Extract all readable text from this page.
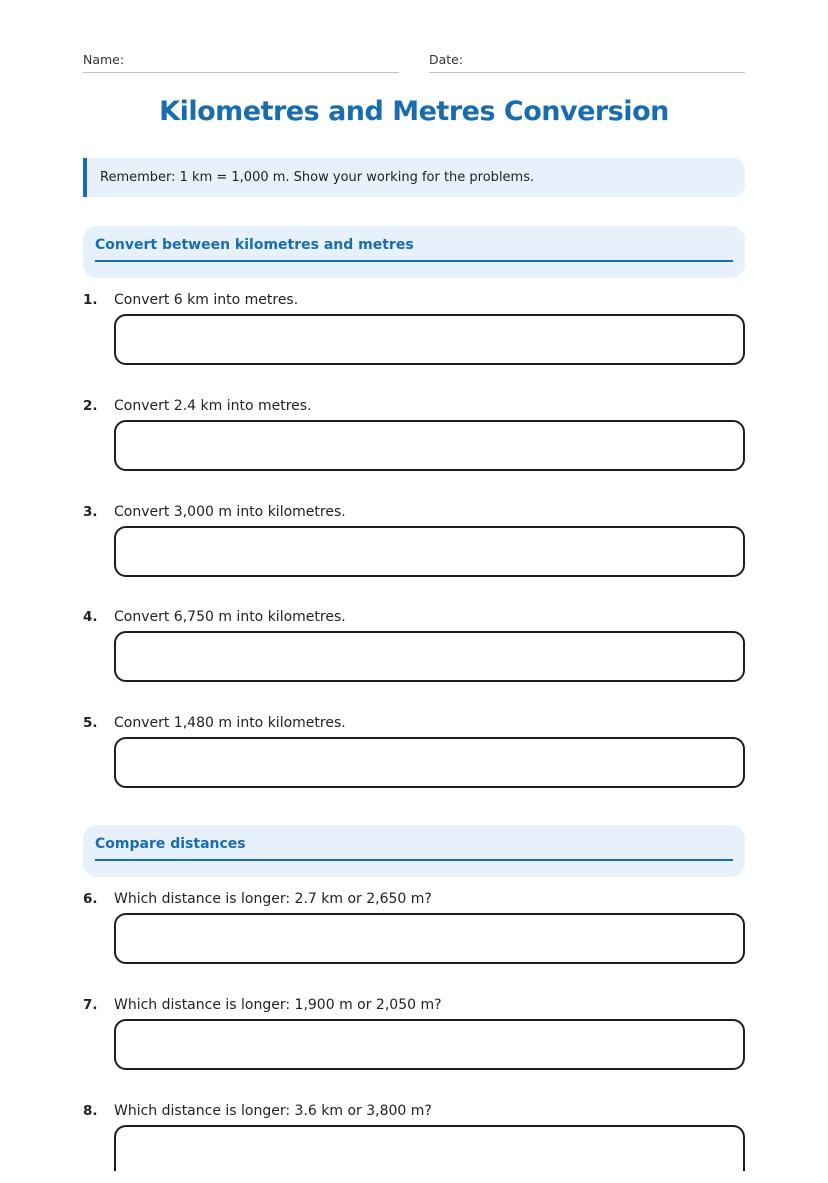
Name:	Date:
Kilometres and Metres Conversion
Remember: 1 km = 1,000 m. Show your working for the problems.
Convert between kilometres and metres
1. Convert 6 km into metres.
2. Convert 2.4 km into metres.
3. Convert 3,000 m into kilometres.
4. Convert 6,750 m into kilometres.
5. Convert 1,480 m into kilometres.
Compare distances
6. Which distance is longer: 2.7 km or 2,650 m?
7. Which distance is longer: 1,900 m or 2,050 m?
8. Which distance is longer: 3.6 km or 3,800 m?
